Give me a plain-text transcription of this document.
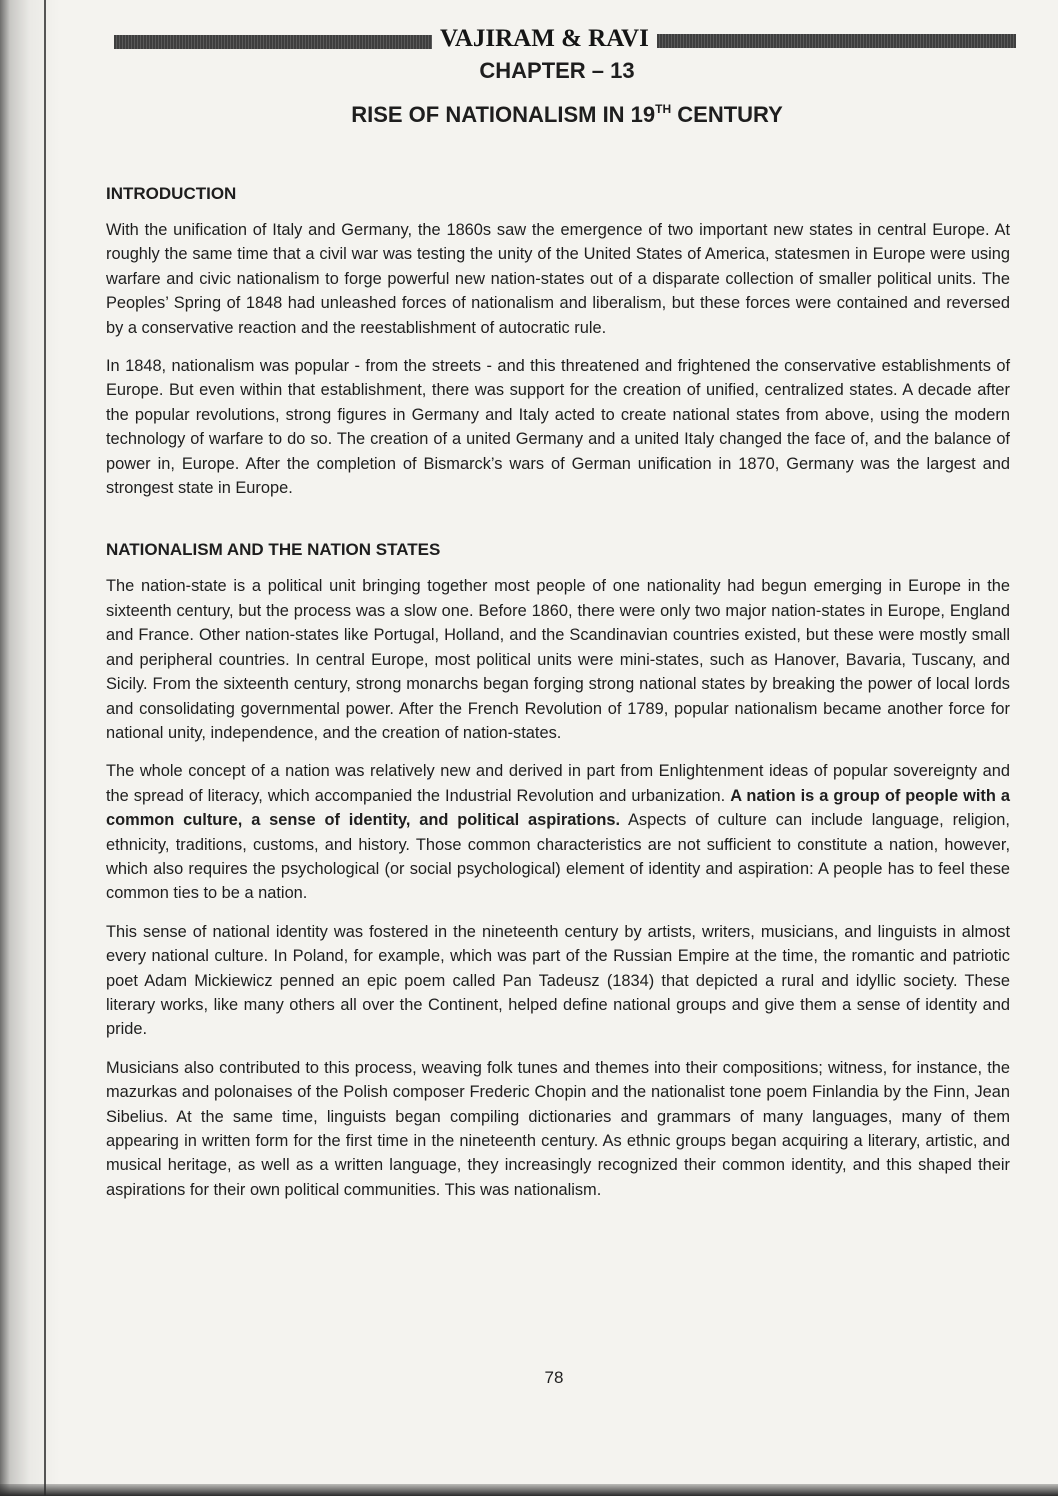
VAJIRAM & RAVI
CHAPTER – 13
RISE OF NATIONALISM IN 19TH CENTURY
INTRODUCTION

With the unification of Italy and Germany, the 1860s saw the emergence of two important new states in central Europe. At roughly the same time that a civil war was testing the unity of the United States of America, statesmen in Europe were using warfare and civic nationalism to forge powerful new nation-states out of a disparate collection of smaller political units. The Peoples’ Spring of 1848 had unleashed forces of nationalism and liberalism, but these forces were contained and reversed by a conservative reaction and the reestablishment of autocratic rule.

In 1848, nationalism was popular - from the streets - and this threatened and frightened the conservative establishments of Europe. But even within that establishment, there was support for the creation of unified, centralized states. A decade after the popular revolutions, strong figures in Germany and Italy acted to create national states from above, using the modern technology of warfare to do so. The creation of a united Germany and a united Italy changed the face of, and the balance of power in, Europe. After the completion of Bismarck’s wars of German unification in 1870, Germany was the largest and strongest state in Europe.

NATIONALISM AND THE NATION STATES

The nation-state is a political unit bringing together most people of one nationality had begun emerging in Europe in the sixteenth century, but the process was a slow one. Before 1860, there were only two major nation-states in Europe, England and France. Other nation-states like Portugal, Holland, and the Scandinavian countries existed, but these were mostly small and peripheral countries. In central Europe, most political units were mini-states, such as Hanover, Bavaria, Tuscany, and Sicily. From the sixteenth century, strong monarchs began forging strong national states by breaking the power of local lords and consolidating governmental power. After the French Revolution of 1789, popular nationalism became another force for national unity, independence, and the creation of nation-states.

The whole concept of a nation was relatively new and derived in part from Enlightenment ideas of popular sovereignty and the spread of literacy, which accompanied the Industrial Revolution and urbanization. A nation is a group of people with a common culture, a sense of identity, and political aspirations. Aspects of culture can include language, religion, ethnicity, traditions, customs, and history. Those common characteristics are not sufficient to constitute a nation, however, which also requires the psychological (or social psychological) element of identity and aspiration: A people has to feel these common ties to be a nation.

This sense of national identity was fostered in the nineteenth century by artists, writers, musicians, and linguists in almost every national culture. In Poland, for example, which was part of the Russian Empire at the time, the romantic and patriotic poet Adam Mickiewicz penned an epic poem called Pan Tadeusz (1834) that depicted a rural and idyllic society. These literary works, like many others all over the Continent, helped define national groups and give them a sense of identity and pride.

Musicians also contributed to this process, weaving folk tunes and themes into their compositions; witness, for instance, the mazurkas and polonaises of the Polish composer Frederic Chopin and the nationalist tone poem Finlandia by the Finn, Jean Sibelius. At the same time, linguists began compiling dictionaries and grammars of many languages, many of them appearing in written form for the first time in the nineteenth century. As ethnic groups began acquiring a literary, artistic, and musical heritage, as well as a written language, they increasingly recognized their common identity, and this shaped their aspirations for their own political communities. This was nationalism.

78
